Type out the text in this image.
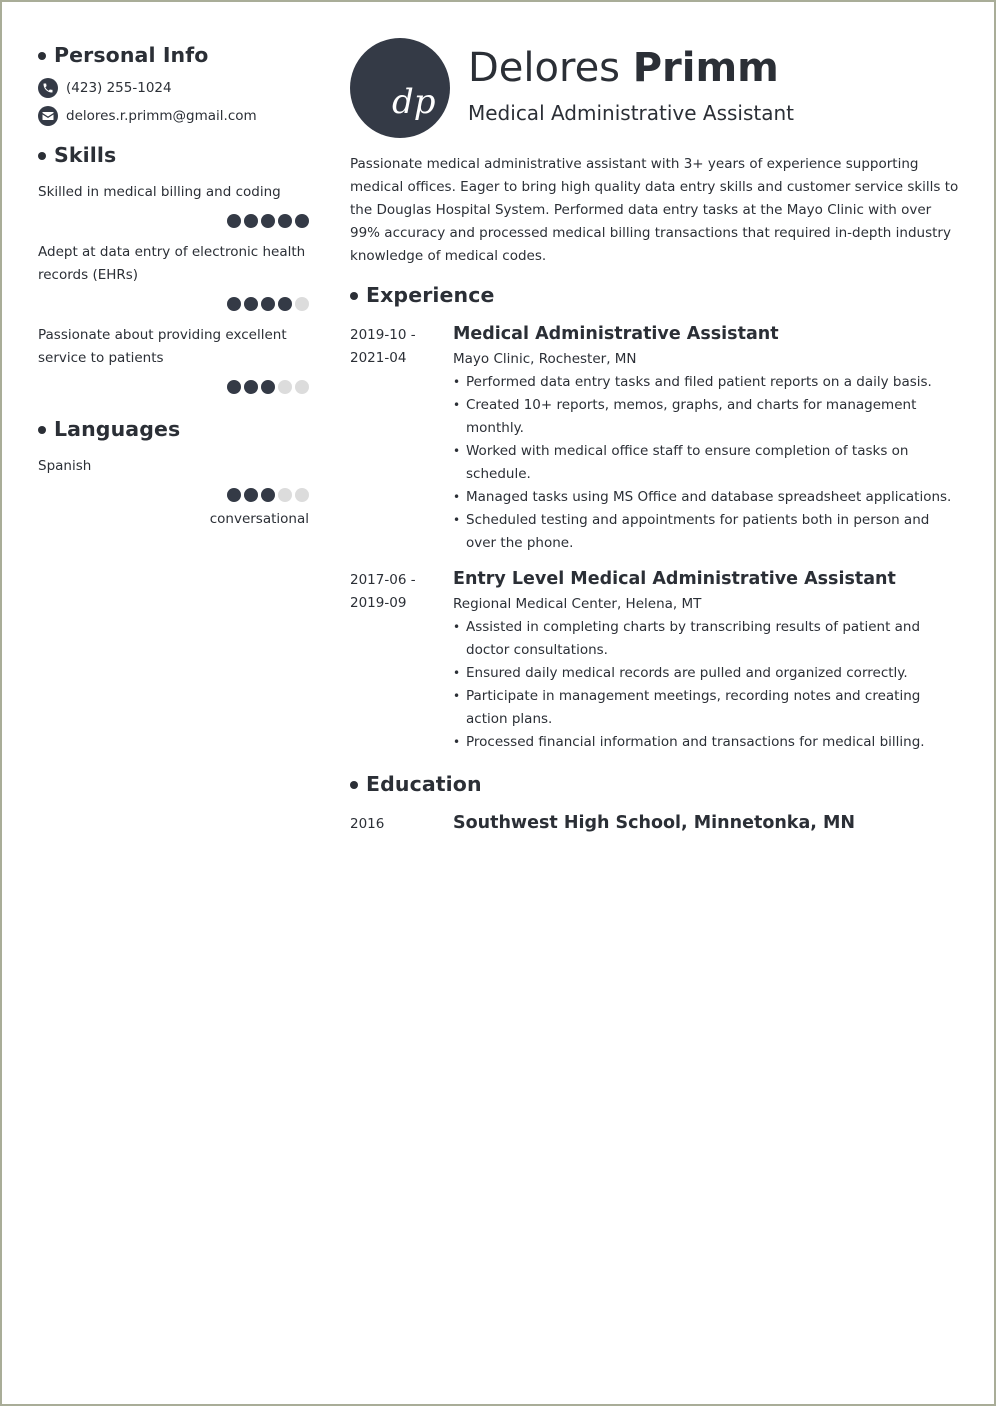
Personal Info
(423) 255-1024
delores.r.primm@gmail.com
Skills
Skilled in medical billing and coding
Adept at data entry of electronic health records (EHRs)
Passionate about providing excellent service to patients
Languages
Spanish
conversational
dp
Delores Primm
Medical Administrative Assistant
Passionate medical administrative assistant with 3+ years of experience supporting medical offices. Eager to bring high quality data entry skills and customer service skills to the Douglas Hospital System. Performed data entry tasks at the Mayo Clinic with over 99% accuracy and processed medical billing transactions that required in-depth industry knowledge of medical codes.
Experience
2019-10 -
2021-04
Medical Administrative Assistant
Mayo Clinic, Rochester, MN
• Performed data entry tasks and filed patient reports on a daily basis.
• Created 10+ reports, memos, graphs, and charts for management monthly.
• Worked with medical office staff to ensure completion of tasks on schedule.
• Managed tasks using MS Office and database spreadsheet applications.
• Scheduled testing and appointments for patients both in person and over the phone.
2017-06 -
2019-09
Entry Level Medical Administrative Assistant
Regional Medical Center, Helena, MT
• Assisted in completing charts by transcribing results of patient and doctor consultations.
• Ensured daily medical records are pulled and organized correctly.
• Participate in management meetings, recording notes and creating action plans.
• Processed financial information and transactions for medical billing.
Education
2016	Southwest High School, Minnetonka, MN
